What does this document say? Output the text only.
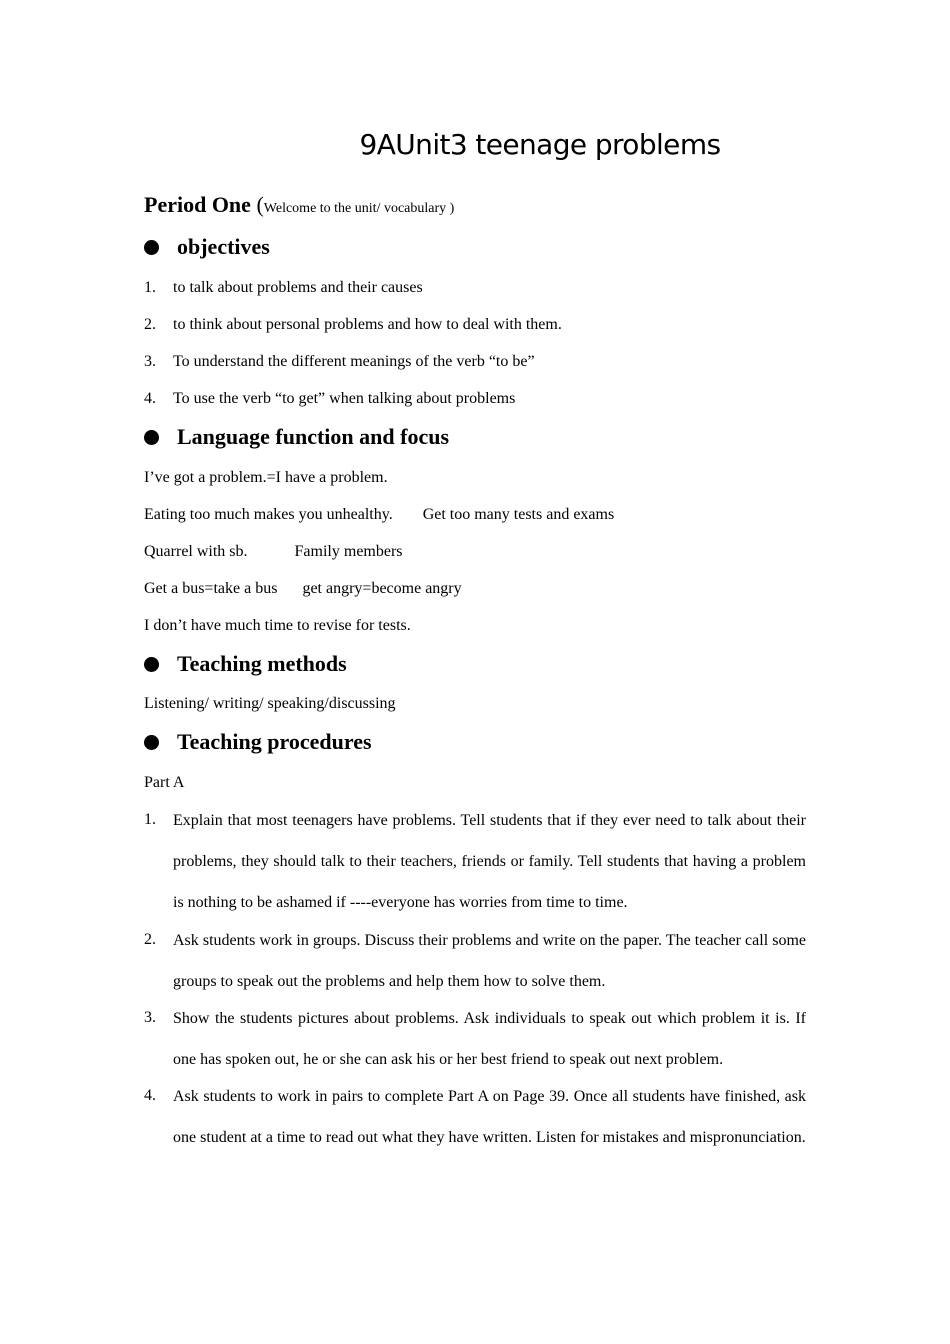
9AUnit3 teenage problems
Period One (Welcome to the unit/ vocabulary )
objectives
1. to talk about problems and their causes
2. to think about personal problems and how to deal with them.
3. To understand the different meanings of the verb “to be”
4. To use the verb “to get” when talking about problems
Language function and focus
I’ve got a problem.=I have a problem.
Eating too much makes you unhealthy. Get too many tests and exams
Quarrel with sb.	Family members
Get a bus=take a bus get angry=become angry
I don’t have much time to revise for tests.
Teaching methods
Listening/ writing/ speaking/discussing
Teaching procedures
Part A
1. Explain that most teenagers have problems. Tell students that if they ever need to talk about their problems, they should talk to their teachers, friends or family. Tell students that having a problem is nothing to be ashamed if ----everyone has worries from time to time.
2. Ask students work in groups. Discuss their problems and write on the paper. The teacher call some groups to speak out the problems and help them how to solve them.
3. Show the students pictures about problems. Ask individuals to speak out which problem it is. If one has spoken out, he or she can ask his or her best friend to speak out next problem.
4. Ask students to work in pairs to complete Part A on Page 39. Once all students have finished, ask one student at a time to read out what they have written. Listen for mistakes and mispronunciation.
